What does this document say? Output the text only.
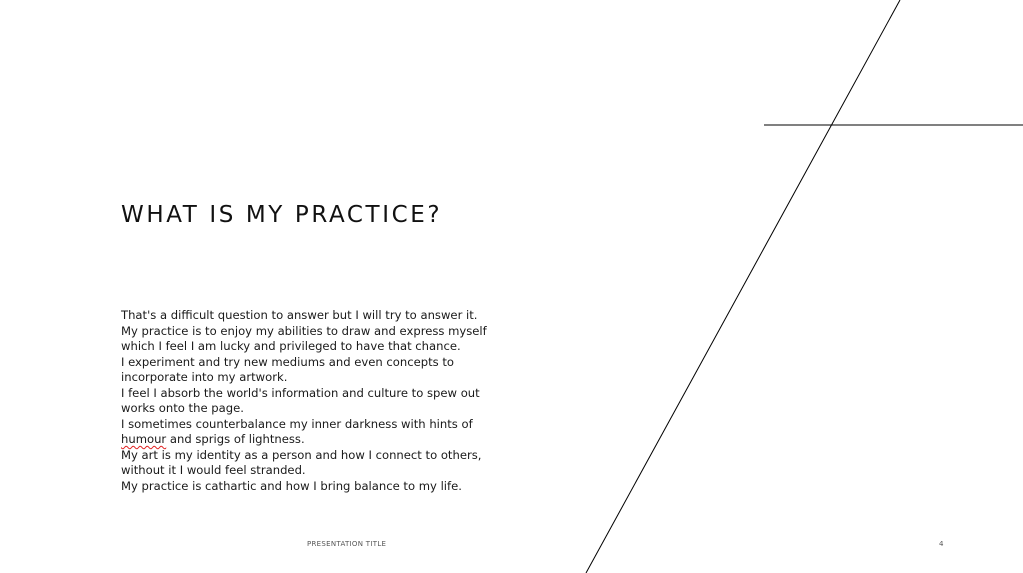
WHAT IS MY PRACTICE?
That's a difficult question to answer but I will try to answer it.
My practice is to enjoy my abilities to draw and express myself
which I feel I am lucky and privileged to have that chance.
I experiment and try new mediums and even concepts to
incorporate into my artwork.
I feel I absorb the world's information and culture to spew out
works onto the page.
I sometimes counterbalance my inner darkness with hints of
humour and sprigs of lightness.
My art is my identity as a person and how I connect to others,
without it I would feel stranded.
My practice is cathartic and how I bring balance to my life.
PRESENTATION TITLE	4
